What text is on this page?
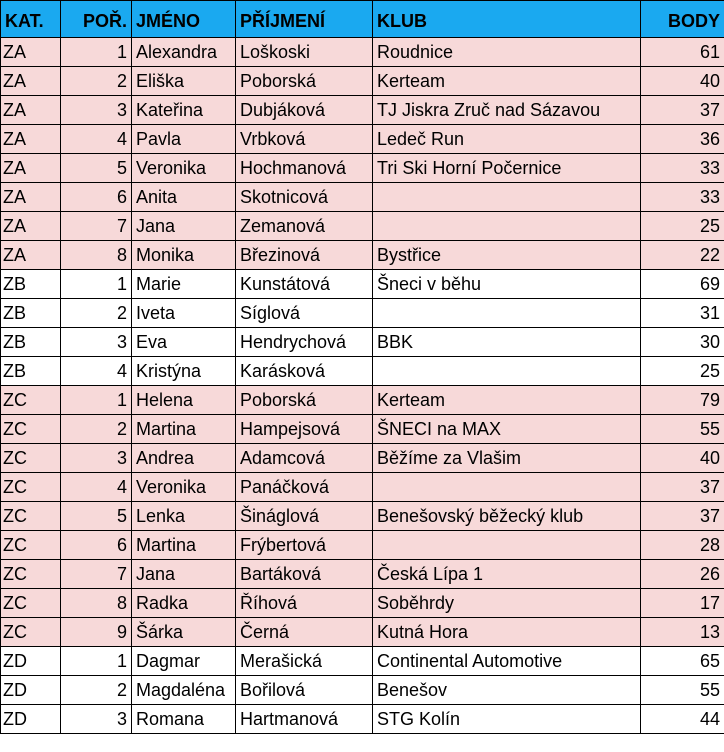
KAT.	POŘ.	JMÉNO	PŘÍJMENÍ	KLUB	BODY
ZA	1	Alexandra	Loškoski	Roudnice	61
ZA	2	Eliška	Poborská	Kerteam	40
ZA	3	Kateřina	Dubjáková	TJ Jiskra Zruč nad Sázavou	37
ZA	4	Pavla	Vrbková	Ledeč Run	36
ZA	5	Veronika	Hochmanová	Tri Ski Horní Počernice	33
ZA	6	Anita	Skotnicová		33
ZA	7	Jana	Zemanová		25
ZA	8	Monika	Březinová	Bystřice	22
ZB	1	Marie	Kunstátová	Šneci v běhu	69
ZB	2	Iveta	Síglová		31
ZB	3	Eva	Hendrychová	BBK	30
ZB	4	Kristýna	Karásková		25
ZC	1	Helena	Poborská	Kerteam	79
ZC	2	Martina	Hampejsová	ŠNECI na MAX	55
ZC	3	Andrea	Adamcová	Běžíme za Vlašim	40
ZC	4	Veronika	Panáčková		37
ZC	5	Lenka	Šináglová	Benešovský běžecký klub	37
ZC	6	Martina	Frýbertová		28
ZC	7	Jana	Bartáková	Česká Lípa 1	26
ZC	8	Radka	Říhová	Soběhrdy	17
ZC	9	Šárka	Černá	Kutná Hora	13
ZD	1	Dagmar	Merašická	Continental Automotive	65
ZD	2	Magdaléna	Bořilová	Benešov	55
ZD	3	Romana	Hartmanová	STG Kolín	44
